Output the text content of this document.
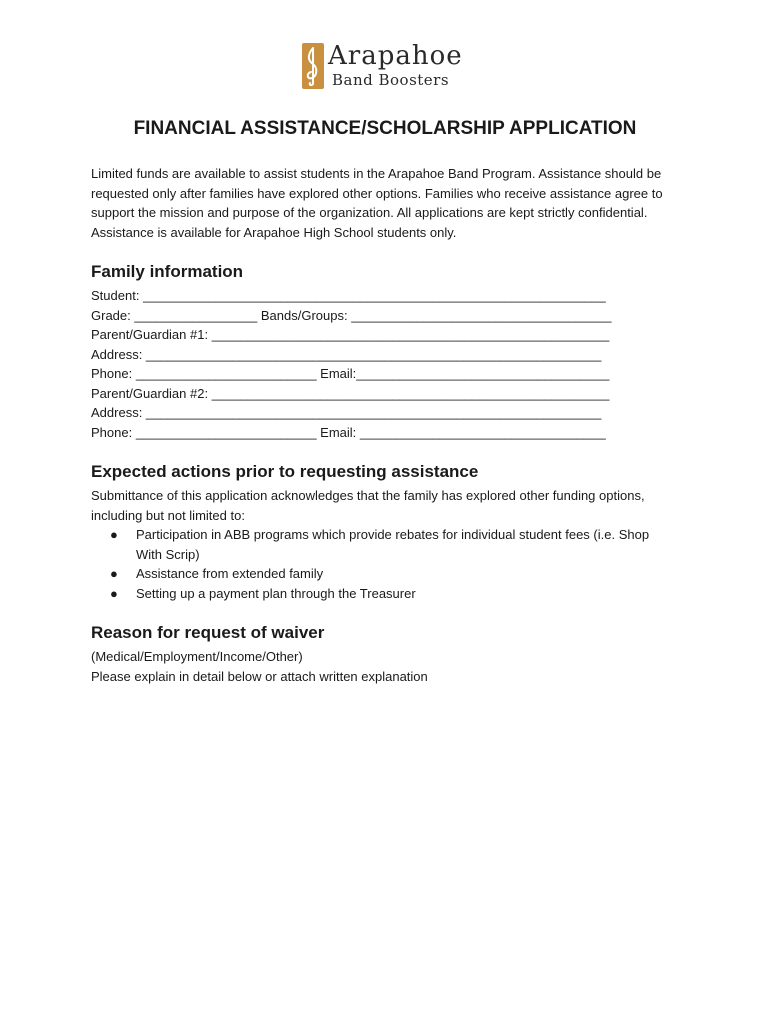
Arapahoe
Band Boosters
FINANCIAL ASSISTANCE/SCHOLARSHIP APPLICATION

Limited funds are available to assist students in the Arapahoe Band Program. Assistance should be requested only after families have explored other options. Families who receive assistance agree to support the mission and purpose of the organization. All applications are kept strictly confidential. Assistance is available for Arapahoe High School students only.

Family information
Student: ________________________________________________________________
Grade: _________________ Bands/Groups: ____________________________________
Parent/Guardian #1: _______________________________________________________
Address: _______________________________________________________________
Phone: _________________________ Email:___________________________________
Parent/Guardian #2: _______________________________________________________
Address: _______________________________________________________________
Phone: _________________________ Email: __________________________________
Expected actions prior to requesting assistance

Submittance of this application acknowledges that the family has explored other funding options, including but not limited to:

● Participation in ABB programs which provide rebates for individual student fees (i.e. Shop With Scrip)
● Assistance from extended family
● Setting up a payment plan through the Treasurer
Reason for request of waiver
(Medical/Employment/Income/Other)
Please explain in detail below or attach written explanation
